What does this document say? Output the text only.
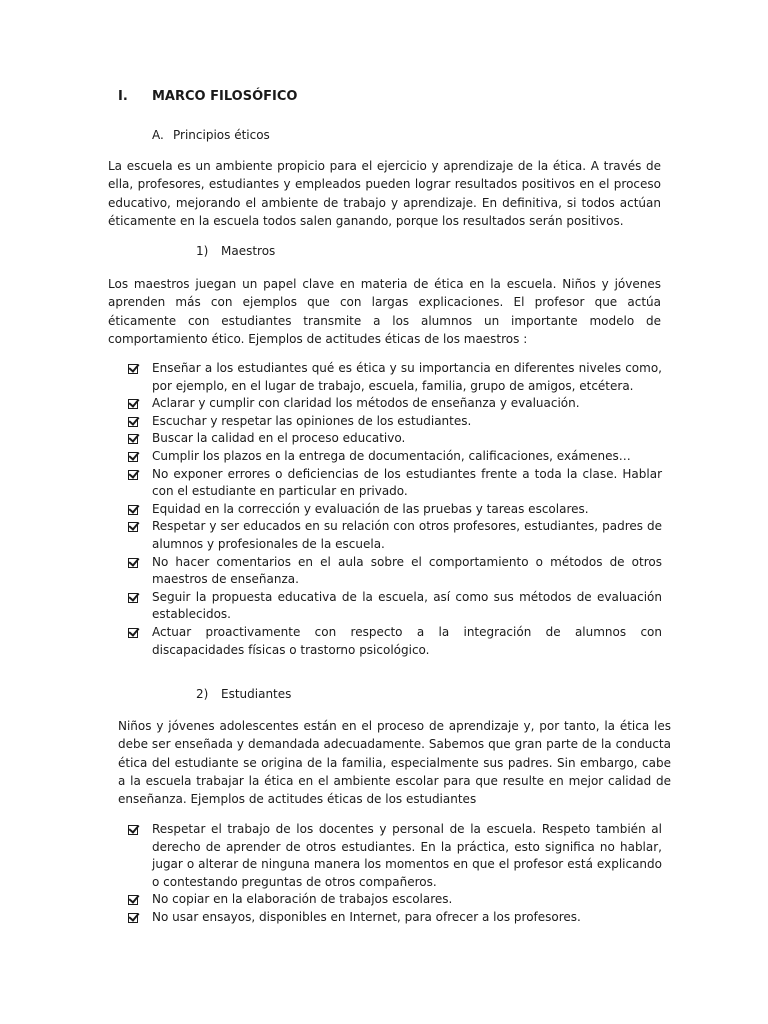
I. MARCO FILOSÓFICO
A. Principios éticos

La escuela es un ambiente propicio para el ejercicio y aprendizaje de la ética. A través de ella, profesores, estudiantes y empleados pueden lograr resultados positivos en el proceso educativo, mejorando el ambiente de trabajo y aprendizaje. En definitiva, si todos actúan éticamente en la escuela todos salen ganando, porque los resultados serán positivos.

1) Maestros

Los maestros juegan un papel clave en materia de ética en la escuela. Niños y jóvenes aprenden más con ejemplos que con largas explicaciones. El profesor que actúa éticamente con estudiantes transmite a los alumnos un importante modelo de comportamiento ético. Ejemplos de actitudes éticas de los maestros :

Enseñar a los estudiantes qué es ética y su importancia en diferentes niveles como, por ejemplo, en el lugar de trabajo, escuela, familia, grupo de amigos, etcétera.
Aclarar y cumplir con claridad los métodos de enseñanza y evaluación.
Escuchar y respetar las opiniones de los estudiantes.
Buscar la calidad en el proceso educativo.
Cumplir los plazos en la entrega de documentación, calificaciones, exámenes…
No exponer errores o deficiencias de los estudiantes frente a toda la clase. Hablar con el estudiante en particular en privado.
Equidad en la corrección y evaluación de las pruebas y tareas escolares.
Respetar y ser educados en su relación con otros profesores, estudiantes, padres de alumnos y profesionales de la escuela.
No hacer comentarios en el aula sobre el comportamiento o métodos de otros maestros de enseñanza.
Seguir la propuesta educativa de la escuela, así como sus métodos de evaluación establecidos.
Actuar proactivamente con respecto a la integración de alumnos con discapacidades físicas o trastorno psicológico.
2) Estudiantes

Niños y jóvenes adolescentes están en el proceso de aprendizaje y, por tanto, la ética les debe ser enseñada y demandada adecuadamente. Sabemos que gran parte de la conducta ética del estudiante se origina de la familia, especialmente sus padres. Sin embargo, cabe a la escuela trabajar la ética en el ambiente escolar para que resulte en mejor calidad de enseñanza. Ejemplos de actitudes éticas de los estudiantes

Respetar el trabajo de los docentes y personal de la escuela. Respeto también al derecho de aprender de otros estudiantes. En la práctica, esto significa no hablar, jugar o alterar de ninguna manera los momentos en que el profesor está explicando o contestando preguntas de otros compañeros.
No copiar en la elaboración de trabajos escolares.
No usar ensayos, disponibles en Internet, para ofrecer a los profesores.
